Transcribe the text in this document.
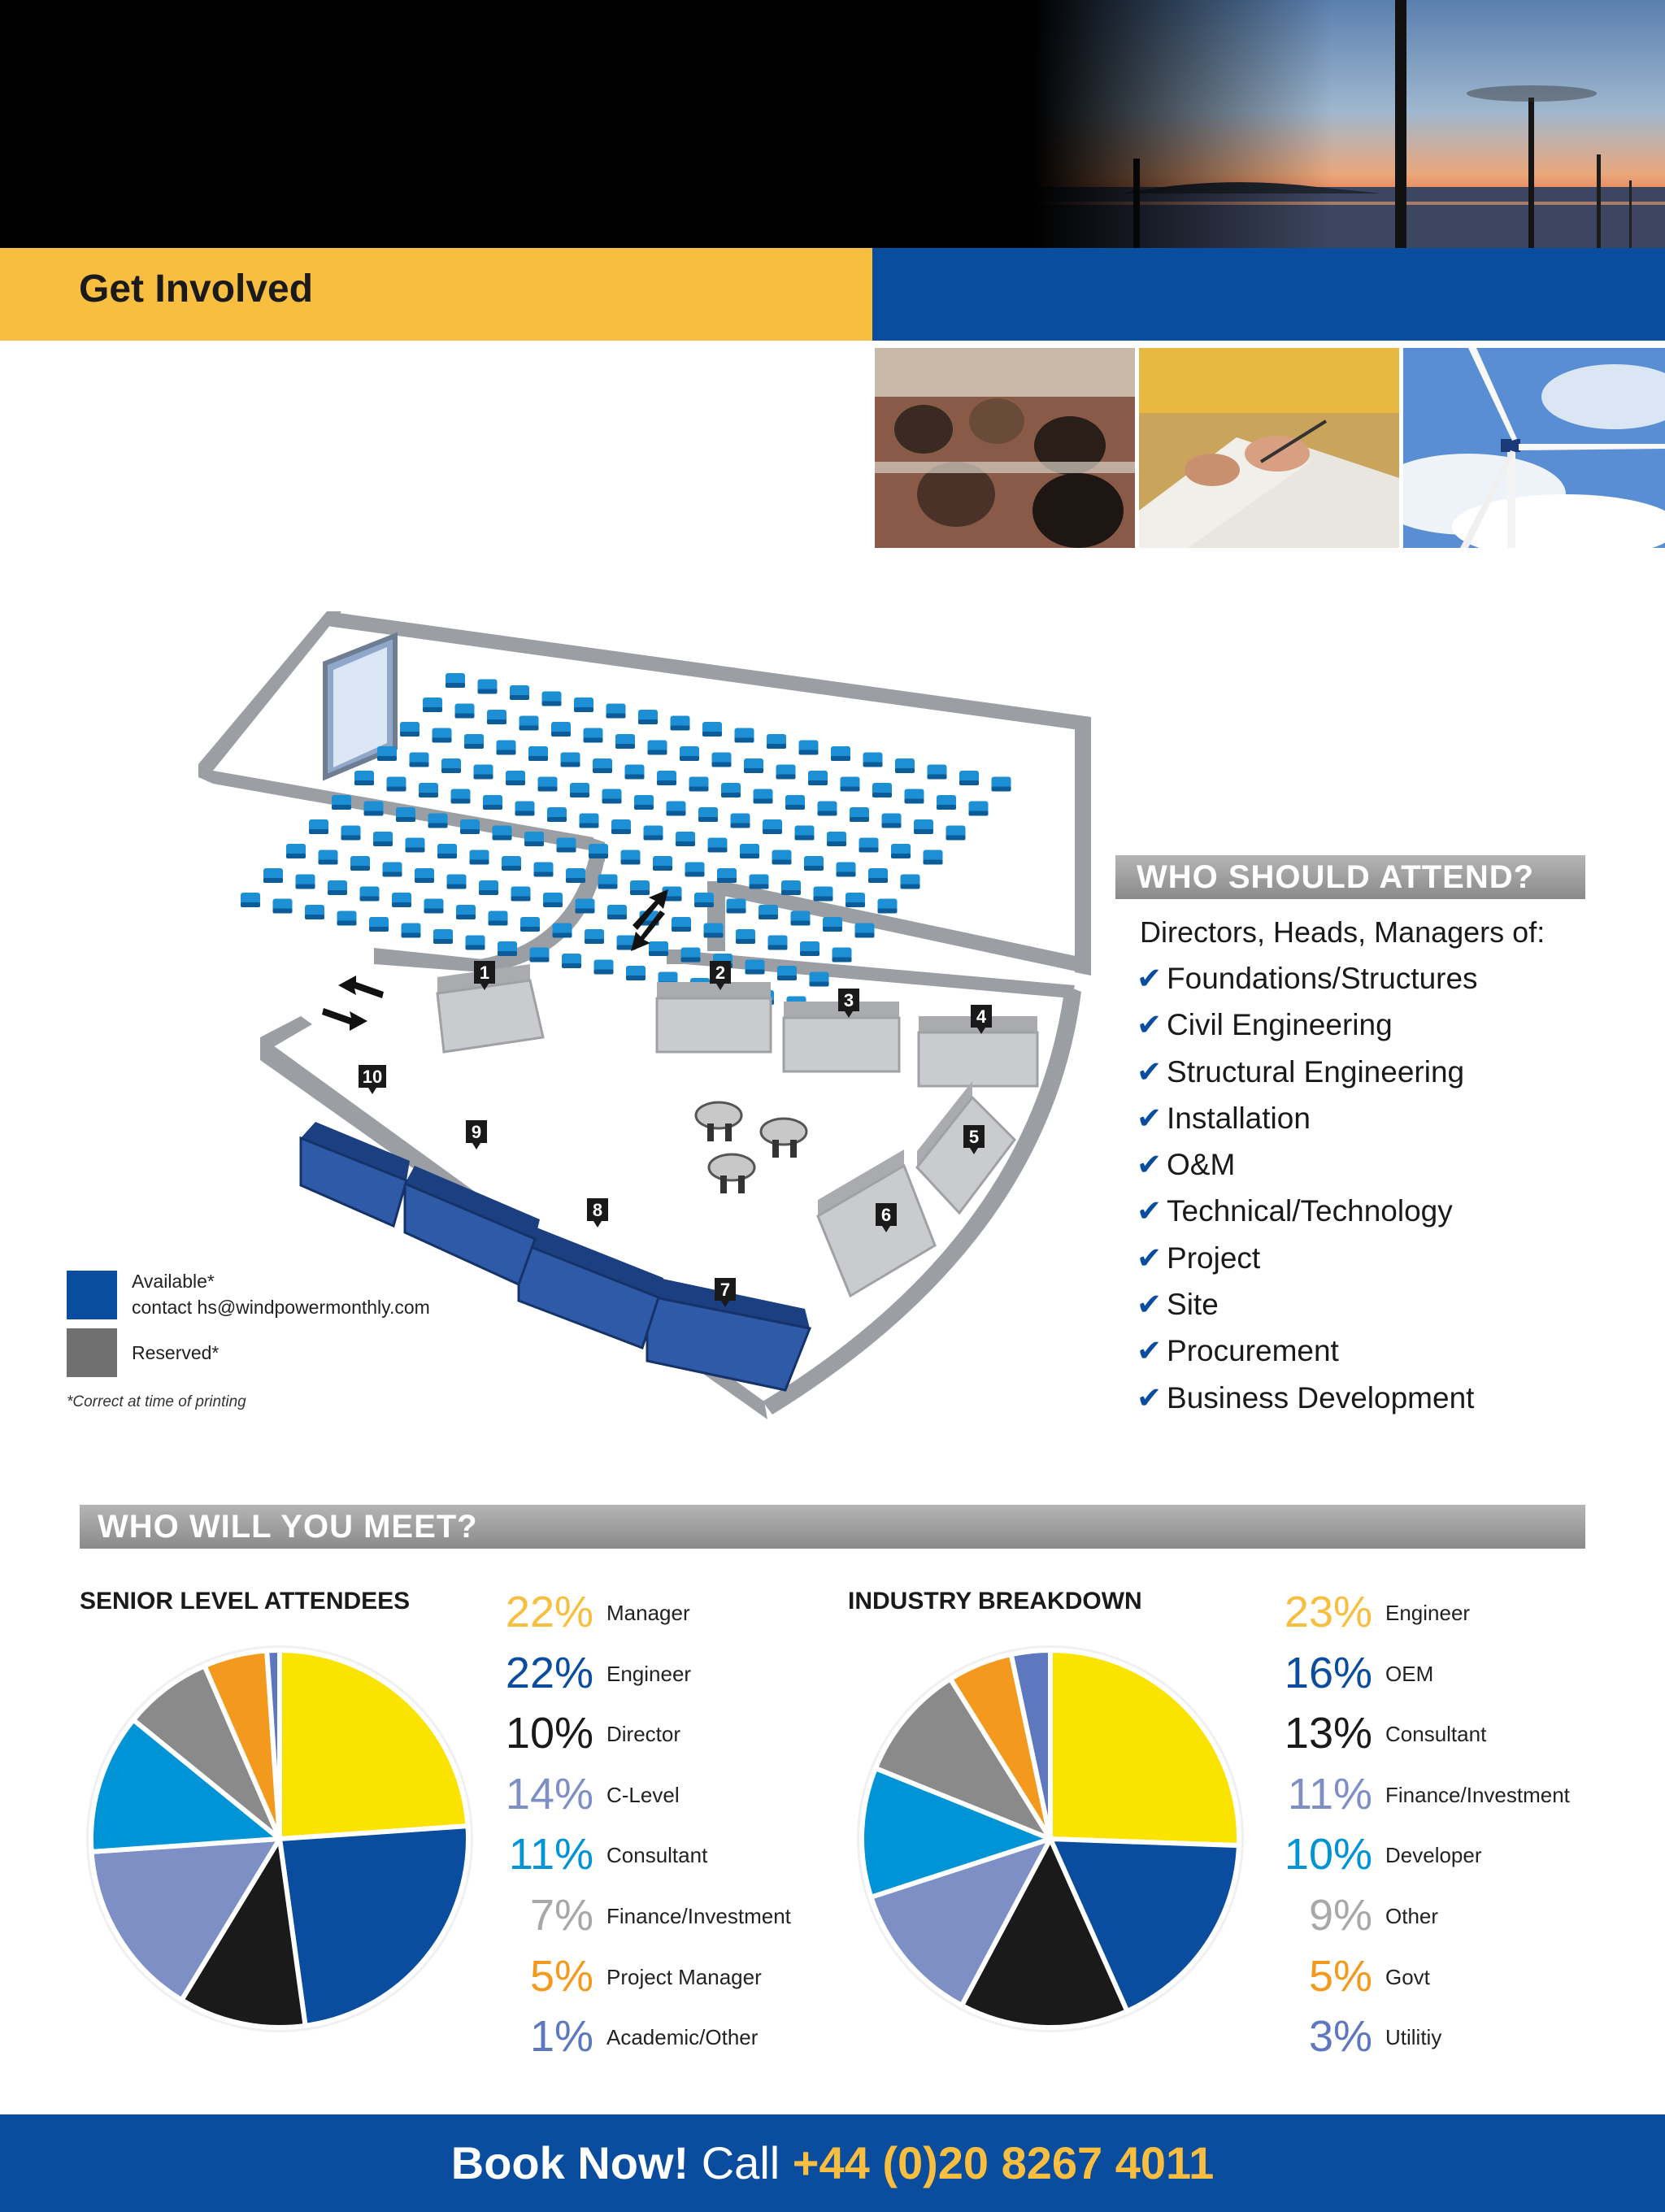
Get Involved
1	2
3
4
5
6
7
8
9
10
Available*
contact hs@windpowermonthly.com
Reserved*
*Correct at time of printing
WHO SHOULD ATTEND?
Directors, Heads, Managers of:
✔ Foundations/Structures
✔ Civil Engineering
✔ Structural Engineering
✔ Installation
✔ O&M
✔ Technical/Technology
✔ Project
✔ Site
✔ Procurement
✔ Business Development
WHO WILL YOU MEET?
SENIOR LEVEL ATTENDEES 22% Manager
22% Engineer
10% Director
14% C-Level
11% Consultant
7% Finance/Investment
5% Project Manager
1% Academic/Other
INDUSTRY BREAKDOWN	23% Engineer
16% OEM
13% Consultant
11% Finance/Investment
10% Developer
9% Other
5% Govt
3% Utilitiy
Book Now! Call +44 (0)20 8267 4011
